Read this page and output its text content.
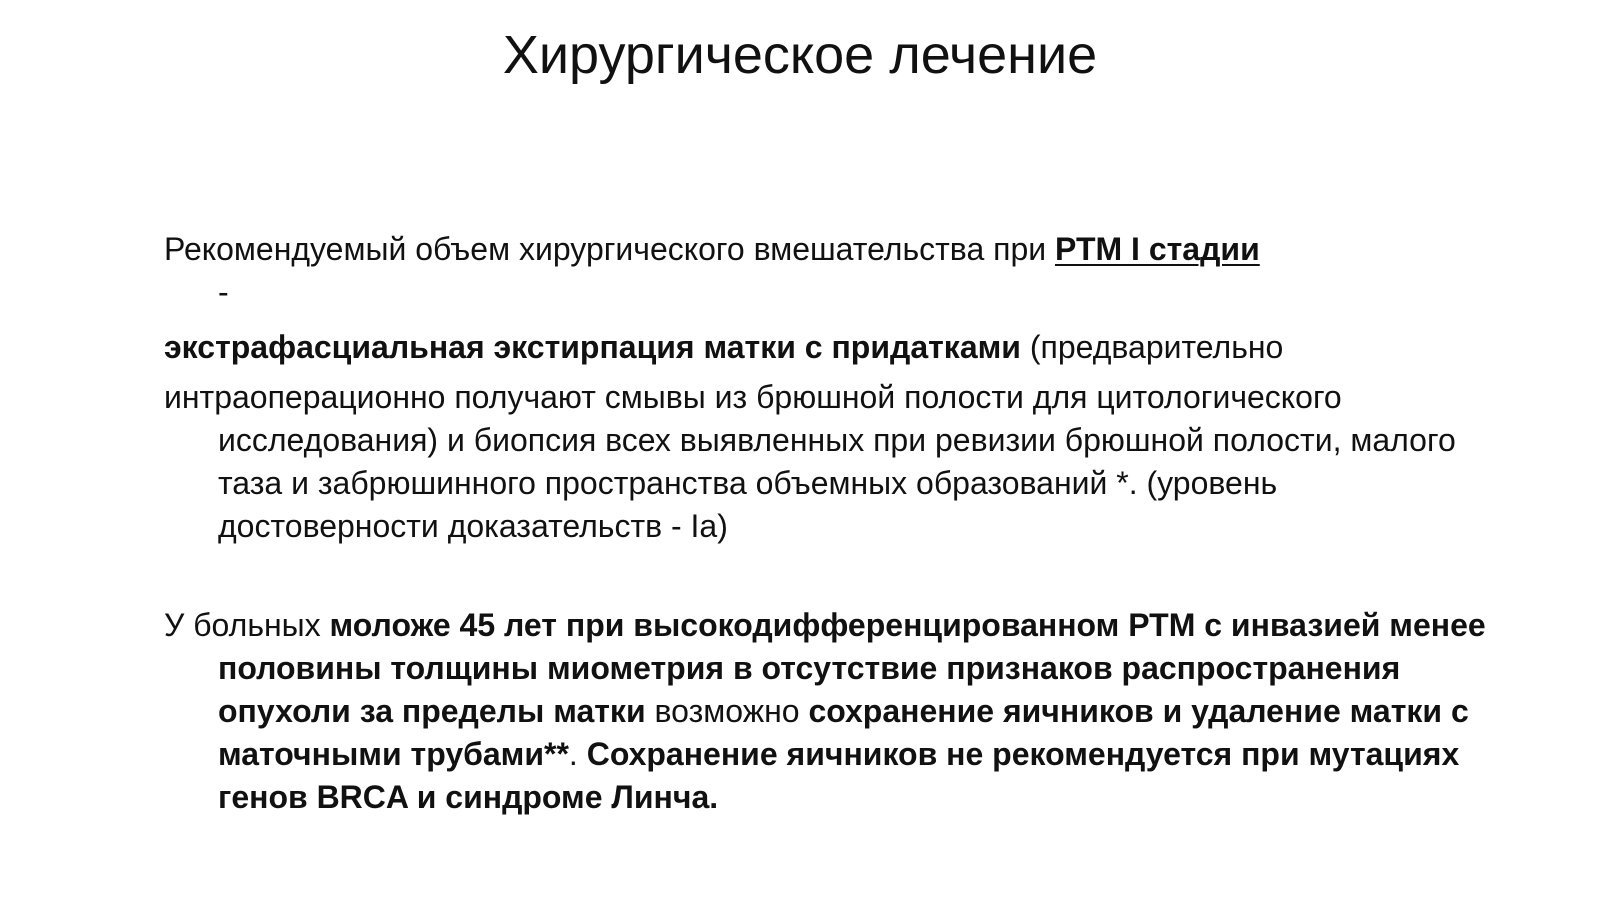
Хирургическое лечение

Рекомендуемый объем хирургического вмешательства при РТМ I стадии
-

экстрафасциальная экстирпация матки с придатками (предварительно

интраоперационно получают смывы из брюшной полости для цитологического исследования) и биопсия всех выявленных при ревизии брюшной полости, малого таза и забрюшинного пространства объемных образований *. (уровень достоверности доказательств - Ia)

У больных моложе 45 лет при высокодифференцированном РТМ с инвазией менее половины толщины миометрия в отсутствие признаков распространения опухоли за пределы матки возможно сохранение яичников и удаление матки с маточными трубами**. Сохранение яичников не рекомендуется при мутациях генов BRCA и синдроме Линча.
